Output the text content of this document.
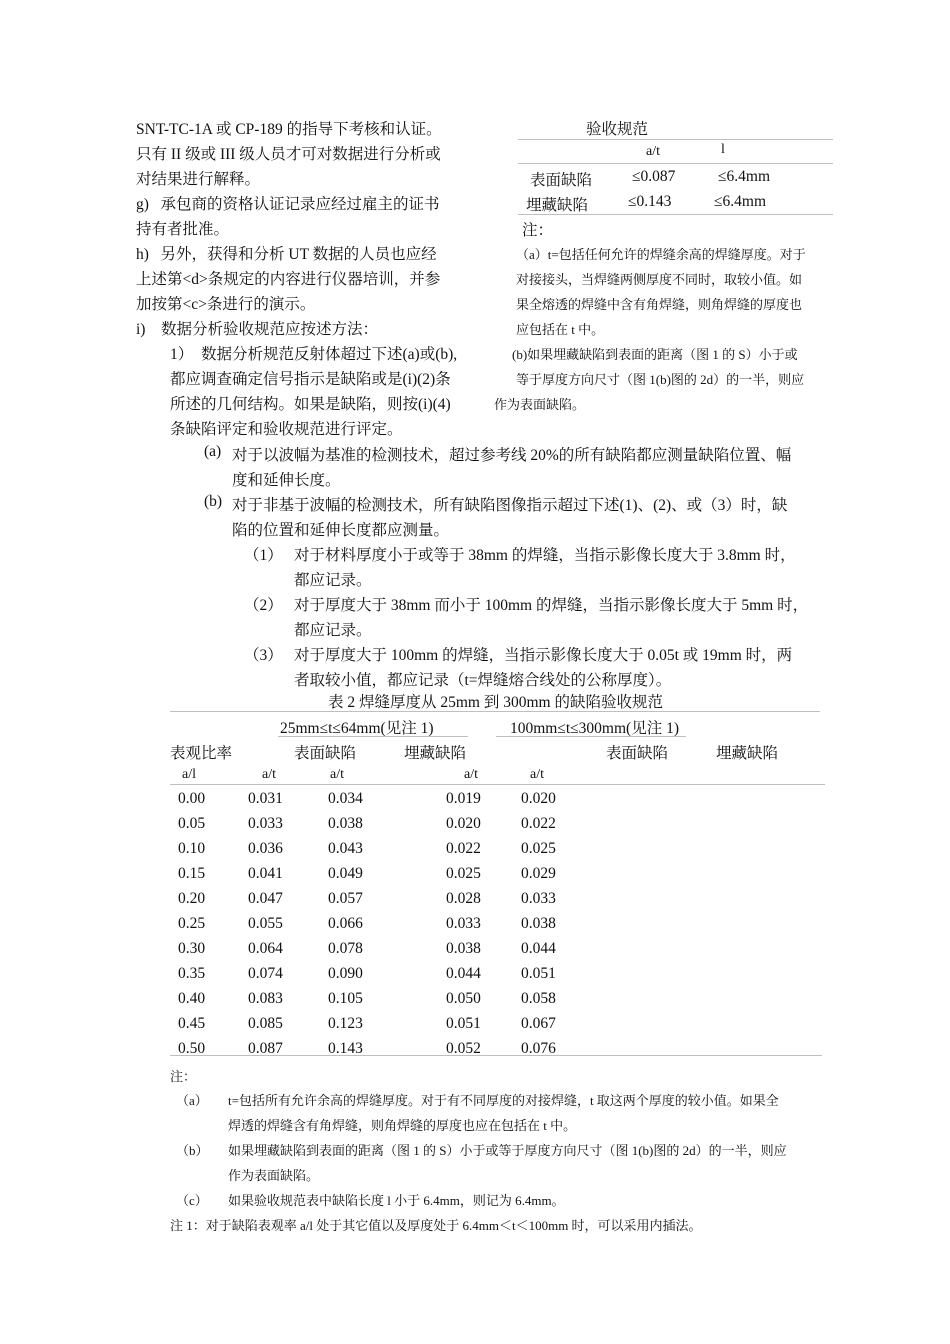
SNT-TC-1A 或 CP-189 的指导下考核和认证。
只有 II 级或 III 级人员才可对数据进行分析或
对结果进行解释。
g)   承包商的资格认证记录应经过雇主的证书
持有者批准。
h)   另外，获得和分析 UT 数据的人员也应经
上述第<d>条规定的内容进行仪器培训，并参
加按第<c>条进行的演示。
i)    数据分析验收规范应按述方法：
1）  数据分析规范反射体超过下述(a)或(b),
都应调查确定信号指示是缺陷或是(i)(2)条
所述的几何结构。如果是缺陷，则按(i)(4)
条缺陷评定和验收规范进行评定。
验收规范
a/t	l
表面缺陷	≤0.087	≤6.4mm
埋藏缺陷	≤0.143	≤6.4mm
注：
（a）t=包括任何允许的焊缝余高的焊缝厚度。对于
对接接头，当焊缝两侧厚度不同时，取较小值。如
果全熔透的焊缝中含有角焊缝，则角焊缝的厚度也
应包括在 t 中。
(b)如果埋藏缺陷到表面的距离（图 1 的 S）小于或
等于厚度方向尺寸（图 1(b)图的 2d）的一半，则应
作为表面缺陷。
(a) 对于以波幅为基准的检测技术，超过参考线 20%的所有缺陷都应测量缺陷位置、幅
度和延伸长度。
(b) 对于非基于波幅的检测技术，所有缺陷图像指示超过下述(1)、(2)、或（3）时，缺
陷的位置和延伸长度都应测量。
（1） 对于材料厚度小于或等于 38mm 的焊缝，当指示影像长度大于 3.8mm 时，
都应记录。
（2） 对于厚度大于 38mm 而小于 100mm 的焊缝，当指示影像长度大于 5mm 时，
都应记录。
（3） 对于厚度大于 100mm 的焊缝，当指示影像长度大于 0.05t 或 19mm 时，两
者取较小值，都应记录（t=焊缝熔合线处的公称厚度）。
表 2 焊缝厚度从 25mm 到 300mm 的缺陷验收规范
25mm≤t≤64mm(见注 1)	100mm≤t≤300mm(见注 1)
表观比率	表面缺陷	埋藏缺陷	表面缺陷	埋藏缺陷
a/l	a/t	a/t	a/t	a/t
0.00	0.031	0.034	0.019	0.020
0.05	0.033	0.038	0.020	0.022
0.10	0.036	0.043	0.022	0.025
0.15	0.041	0.049	0.025	0.029
0.20	0.047	0.057	0.028	0.033
0.25	0.055	0.066	0.033	0.038
0.30	0.064	0.078	0.038	0.044
0.35	0.074	0.090	0.044	0.051
0.40	0.083	0.105	0.050	0.058
0.45	0.085	0.123	0.051	0.067
0.50	0.087	0.143	0.052	0.076
注：
（a） t=包括所有允许余高的焊缝厚度。对于有不同厚度的对接焊缝，t 取这两个厚度的较小值。如果全
焊透的焊缝含有角焊缝，则角焊缝的厚度也应在包括在 t 中。
（b） 如果埋藏缺陷到表面的距离（图 1 的 S）小于或等于厚度方向尺寸（图 1(b)图的 2d）的一半，则应
作为表面缺陷。
（c） 如果验收规范表中缺陷长度 l 小于 6.4mm，则记为 6.4mm。
注 1：对于缺陷表观率 a/l 处于其它值以及厚度处于 6.4mm＜t＜100mm 时，可以采用内插法。
